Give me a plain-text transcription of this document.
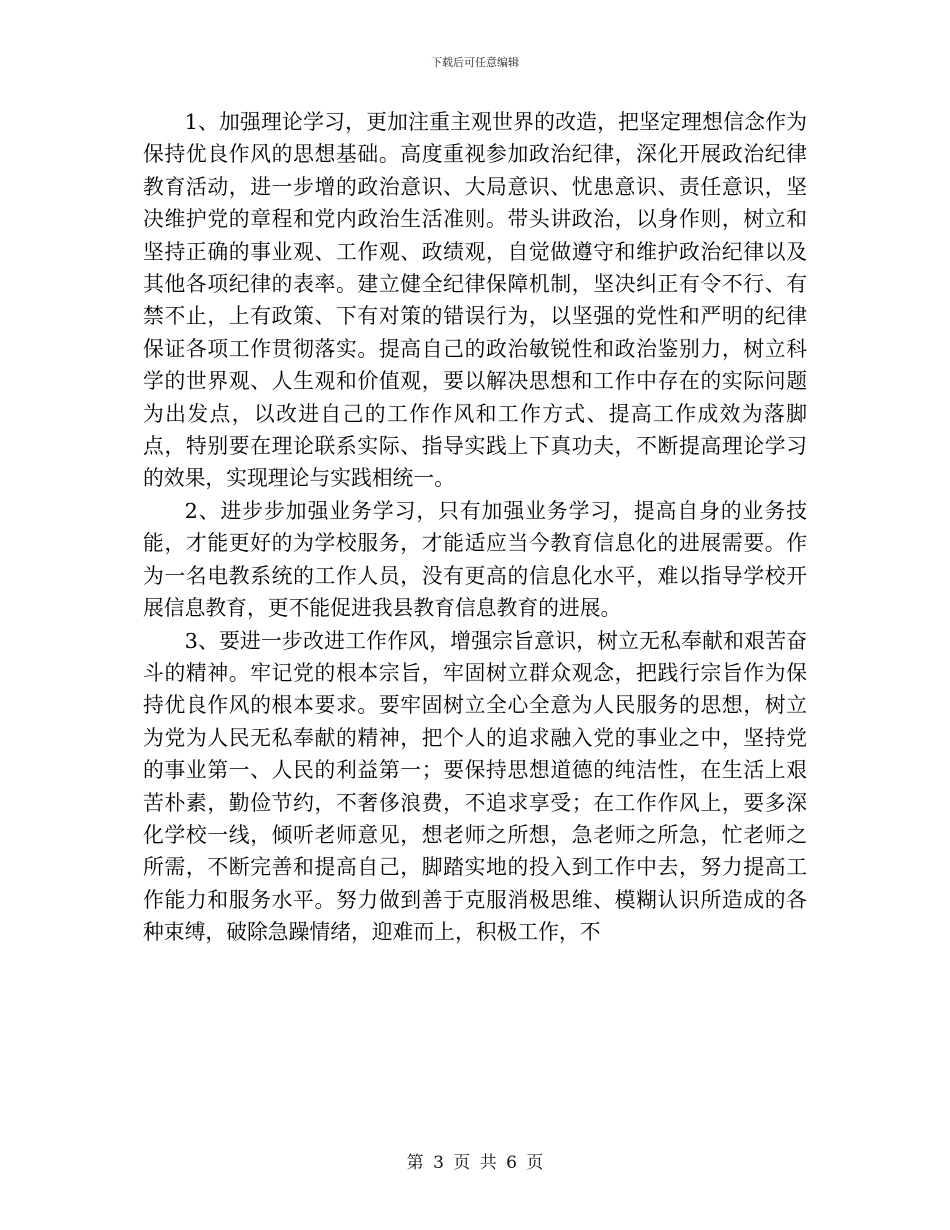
下载后可任意编辑

1、加强理论学习，更加注重主观世界的改造，把坚定理想信念作为保持优良作风的思想基础。高度重视参加政治纪律，深化开展政治纪律教育活动，进一步增的政治意识、大局意识、忧患意识、责任意识，坚决维护党的章程和党内政治生活准则。带头讲政治，以身作则，树立和坚持正确的事业观、工作观、政绩观，自觉做遵守和维护政治纪律以及其他各项纪律的表率。建立健全纪律保障机制，坚决纠正有令不行、有禁不止，上有政策、下有对策的错误行为，以坚强的党性和严明的纪律保证各项工作贯彻落实。提高自己的政治敏锐性和政治鉴别力，树立科学的世界观、人生观和价值观，要以解决思想和工作中存在的实际问题为出发点，以改进自己的工作作风和工作方式、提高工作成效为落脚点，特别要在理论联系实际、指导实践上下真功夫，不断提高理论学习的效果，实现理论与实践相统一。

2、进步步加强业务学习，只有加强业务学习，提高自身的业务技能，才能更好的为学校服务，才能适应当今教育信息化的进展需要。作为一名电教系统的工作人员，没有更高的信息化水平，难以指导学校开展信息教育，更不能促进我县教育信息教育的进展。

3、要进一步改进工作作风，增强宗旨意识，树立无私奉献和艰苦奋斗的精神。牢记党的根本宗旨，牢固树立群众观念，把践行宗旨作为保持优良作风的根本要求。要牢固树立全心全意为人民服务的思想，树立为党为人民无私奉献的精神，把个人的追求融入党的事业之中，坚持党的事业第一、人民的利益第一；要保持思想道德的纯洁性，在生活上艰苦朴素，勤俭节约，不奢侈浪费，不追求享受；在工作作风上，要多深化学校一线，倾听老师意见，想老师之所想，急老师之所急，忙老师之所需，不断完善和提高自己，脚踏实地的投入到工作中去，努力提高工作能力和服务水平。努力做到善于克服消极思维、模糊认识所造成的各种束缚，破除急躁情绪，迎难而上，积极工作，不

第 3 页 共 6 页
